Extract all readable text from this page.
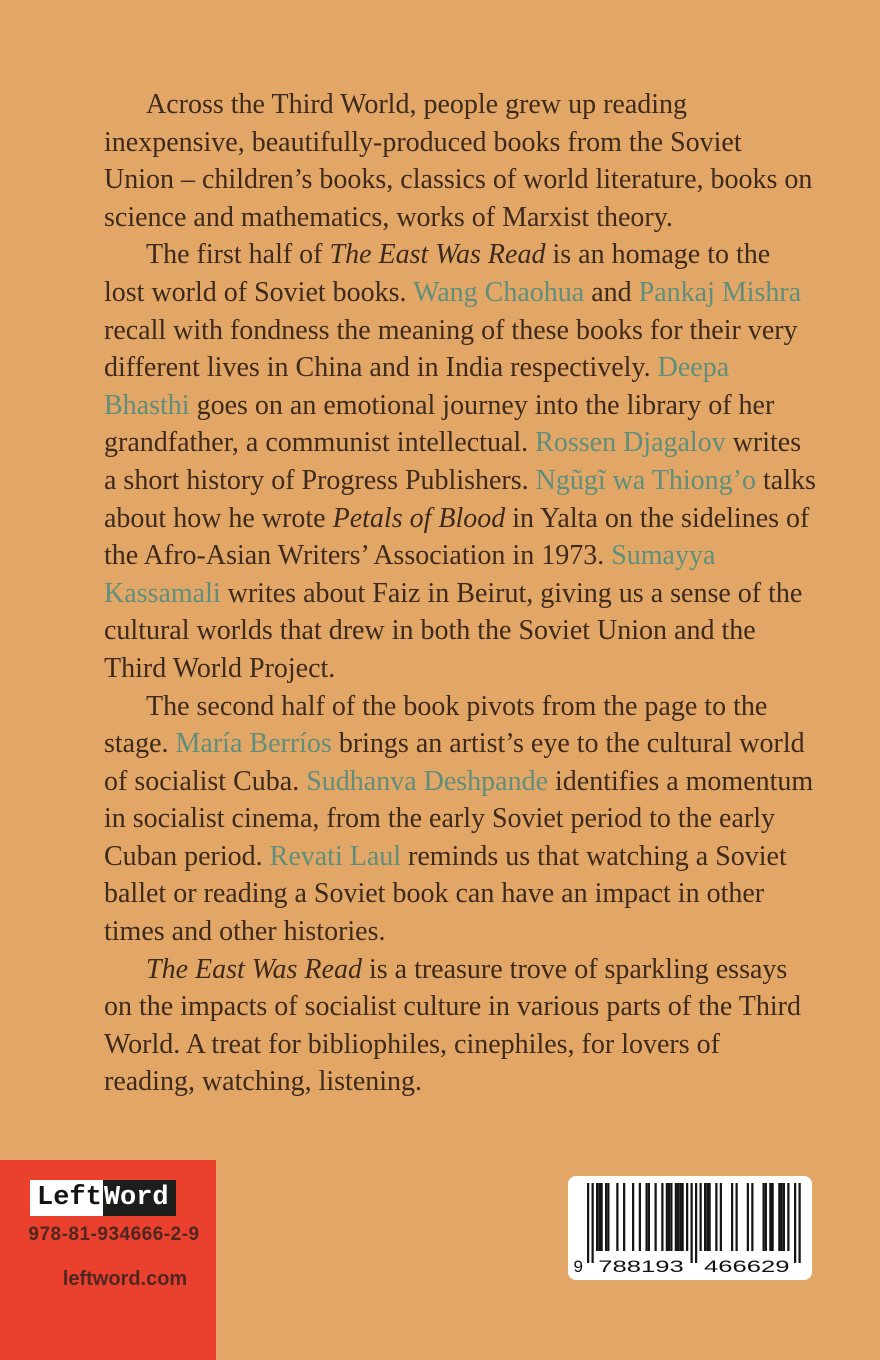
Across the Third World, people grew up reading inexpensive, beautifully-produced books from the Soviet Union – children’s books, classics of world literature, books on science and mathematics, works of Marxist theory.

The first half of The East Was Read is an homage to the lost world of Soviet books. Wang Chaohua and Pankaj Mishra recall with fondness the meaning of these books for their very different lives in China and in India respectively. Deepa Bhasthi goes on an emotional journey into the library of her grandfather, a communist intellectual. Rossen Djagalov writes a short history of Progress Publishers. Ngũgĩ wa Thiong’o talks about how he wrote Petals of Blood in Yalta on the sidelines of the Afro-Asian Writers’ Association in 1973. Sumayya Kassamali writes about Faiz in Beirut, giving us a sense of the cultural worlds that drew in both the Soviet Union and the Third World Project.

The second half of the book pivots from the page to the stage. María Berríos brings an artist’s eye to the cultural world of socialist Cuba. Sudhanva Deshpande identifies a momentum in socialist cinema, from the early Soviet period to the early Cuban period. Revati Laul reminds us that watching a Soviet ballet or reading a Soviet book can have an impact in other times and other histories.

The East Was Read is a treasure trove of sparkling essays on the impacts of socialist culture in various parts of the Third World. A treat for bibliophiles, cinephiles, for lovers of reading, watching, listening.

Left Word
978-81-934666-2-9
leftword.com
9 788193 466629
